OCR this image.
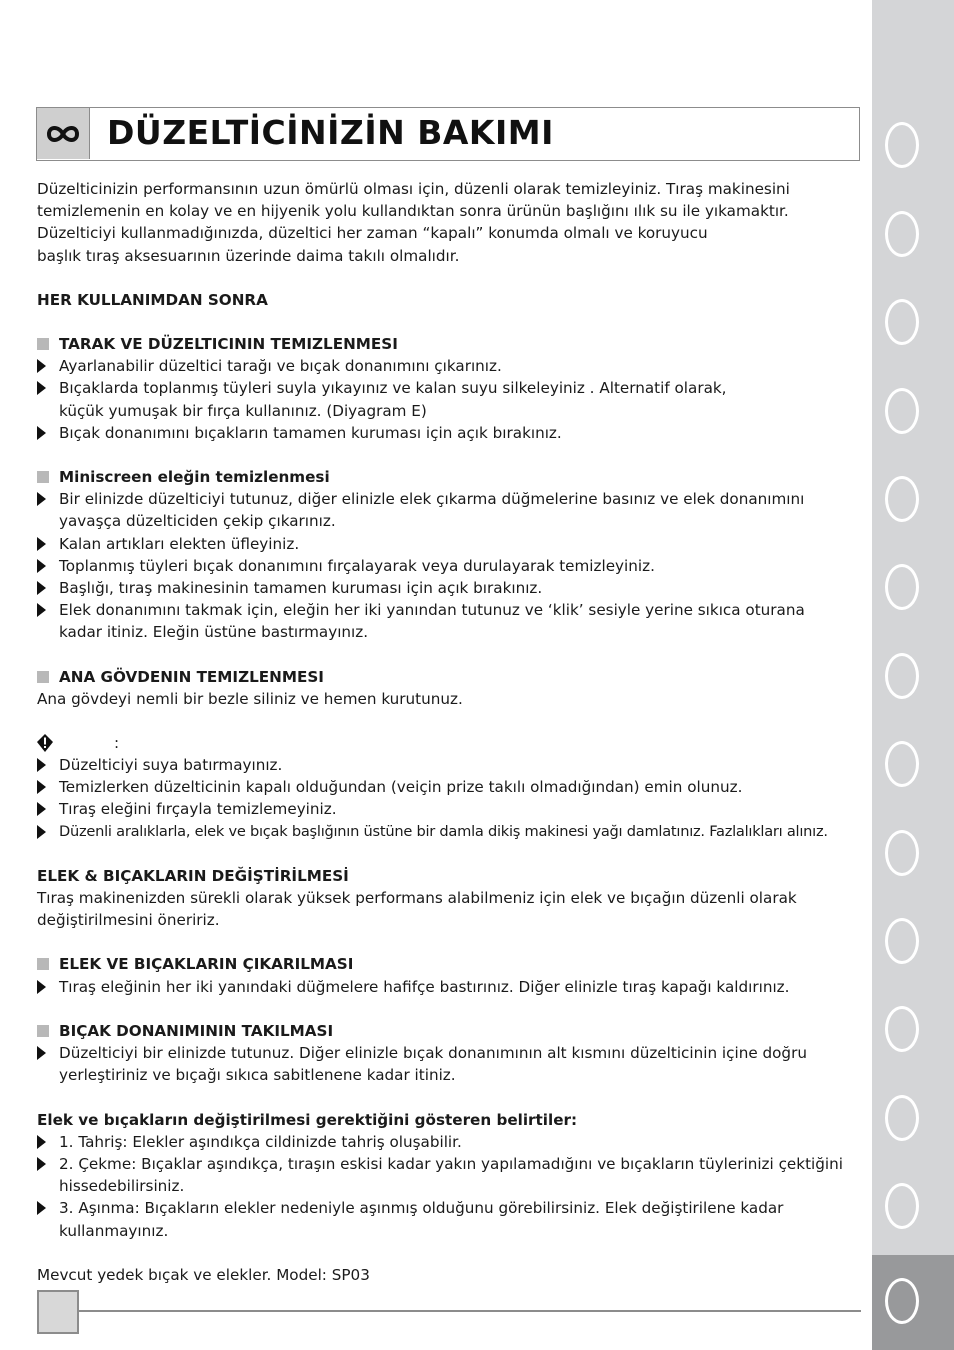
DÜZELTİCİNİZİN BAKIMI

Düzelticinizin performansının uzun ömürlü olması için, düzenli olarak temizleyiniz. Tıraş makinesini

temizlemenin en kolay ve en hijyenik yolu kullandıktan sonra ürünün başlığını ılık su ile yıkamaktır.

Düzelticiyi kullanmadığınızda, düzeltici her zaman “kapalı” konumda olmalı ve koruyucu

başlık tıraş aksesuarının üzerinde daima takılı olmalıdır.

HER KULLANIMDAN SONRA

TARAK VE DÜZELTICININ TEMIZLENMESI

Ayarlanabilir düzeltici tarağı ve bıçak donanımını çıkarınız.

Bıçaklarda toplanmış tüyleri suyla yıkayınız ve kalan suyu silkeleyiniz . Alternatif olarak,
küçük yumuşak bir fırça kullanınız. (Diyagram E)

Bıçak donanımını bıçakların tamamen kuruması için açık bırakınız.

Miniscreen eleğin temizlenmesi

Bir elinizde düzelticiyi tutunuz, diğer elinizle elek çıkarma düğmelerine basınız ve elek donanımını
yavaşça düzelticiden çekip çıkarınız.

Kalan artıkları elekten üfleyiniz.

Toplanmış tüyleri bıçak donanımını fırçalayarak veya durulayarak temizleyiniz.

Başlığı, tıraş makinesinin tamamen kuruması için açık bırakınız.

Elek donanımını takmak için, eleğin her iki yanından tutunuz ve ‘klik’ sesiyle yerine sıkıca oturana
kadar itiniz. Eleğin üstüne bastırmayınız.

ANA GÖVDENIN TEMIZLENMESI

Ana gövdeyi nemli bir bezle siliniz ve hemen kurutunuz.

:

Düzelticiyi suya batırmayınız.

Temizlerken düzelticinin kapalı olduğundan (veiçin prize takılı olmadığından) emin olunuz.

Tıraş eleğini fırçayla temizlemeyiniz.

Düzenli aralıklarla, elek ve bıçak başlığının üstüne bir damla dikiş makinesi yağı damlatınız. Fazlalıkları alınız.

ELEK & BIÇAKLARIN DEĞİŞTİRİLMESİ

Tıraş makinenizden sürekli olarak yüksek performans alabilmeniz için elek ve bıçağın düzenli olarak

değiştirilmesini öneririz.

ELEK VE BIÇAKLARIN ÇIKARILMASI

Tıraş eleğinin her iki yanındaki düğmelere hafifçe bastırınız. Diğer elinizle tıraş kapağı kaldırınız.

BIÇAK DONANIMININ TAKILMASI

Düzelticiyi bir elinizde tutunuz. Diğer elinizle bıçak donanımının alt kısmını düzelticinin içine doğru
yerleştiriniz ve bıçağı sıkıca sabitlenene kadar itiniz.

Elek ve bıçakların değiştirilmesi gerektiğini gösteren belirtiler:

1. Tahriş: Elekler aşındıkça cildinizde tahriş oluşabilir.

2. Çekme: Bıçaklar aşındıkça, tıraşın eskisi kadar yakın yapılamadığını ve bıçakların tüylerinizi çektiğini
hissedebilirsiniz.

3. Aşınma: Bıçakların elekler nedeniyle aşınmış olduğunu görebilirsiniz. Elek değiştirilene kadar
kullanmayınız.

Mevcut yedek bıçak ve elekler. Model: SP03
